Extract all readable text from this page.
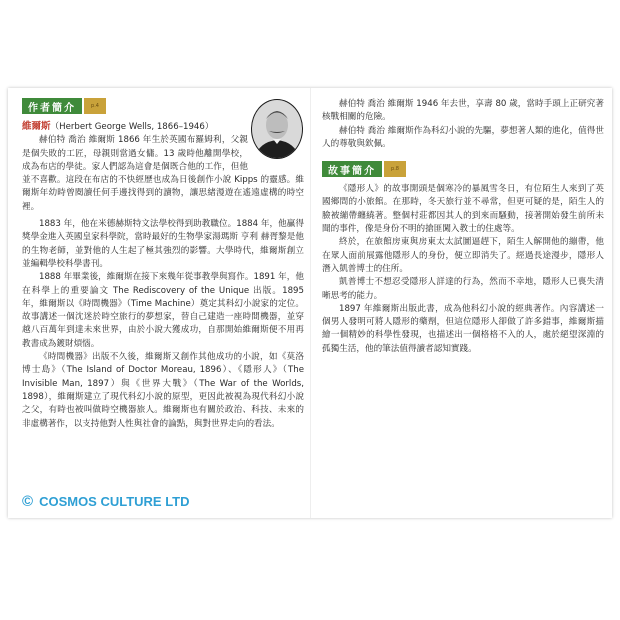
作者簡介	p.4

維爾斯（Herbert George Wells, 1866–1946）

赫伯特 喬治 維爾斯 1866 年生於英國布羅姆利，父親是個失敗的工匠，母親則當過女傭。13 歲時他離開學校，成為布店的學徒。家人們認為這會是個既合他的工作，但他並不喜歡。這段在布店的不快經歷也成為日後創作小說 Kipps 的靈感。維爾斯年幼時曾閱讀任何手邊找得到的讀物，讓思緒漫遊在遙遠虛構的時空裡。

1883 年，他在米德赫斯特文法學校得到助教職位。1884 年，他贏得獎學金進入英國皇家科學院，當時最好的生物學家湯瑪斯 亨利 赫胥黎是他的生物老師，並對他的人生起了極其強烈的影響。大學時代，維爾斯創立並編輯學校科學書刊。

1888 年畢業後，維爾斯在接下來幾年從事教學與寫作。1891 年，他在科學上的重要論文 The Rediscovery of the Unique 出版。1895 年，維爾斯以《時間機器》（Time Machine）奠定其科幻小說家的定位。故事講述一個沈迷於時空旅行的夢想家，替自己建造一座時間機器，並穿越八百萬年到達未來世界，由於小說大獲成功，自那開始維爾斯便不用再教書成為鍍財煩惱。

《時間機器》出版不久後，維爾斯又創作其他成功的小說，如《莫洛博士島》（The Island of Doctor Moreau, 1896）、《隱形人》（The Invisible Man, 1897）與《世界大戰》（The War of the Worlds, 1898），維爾斯建立了現代科幻小說的原型，更因此被視為現代科幻小說之父，有時也被叫做時空機器旅人。維爾斯也有關於政治、科技、未來的非虛構著作，以支持他對人性與社會的論點，與對世界走向的看法。

© COSMOS CULTURE LTD

赫伯特 喬治 維爾斯 1946 年去世，享壽 80 歲，當時手頭上正研究著核戰相關的危險。

赫伯特 喬治 維爾斯作為科幻小說的先驅，夢想著人類的進化，值得世人的尊敬與欽佩。

故事簡介	p.8

《隱形人》的故事開頭是個寒冷的暴風雪冬日，有位陌生人來到了英國鄉間的小旅館。在那時，冬天旅行並不尋常，但更可疑的是，陌生人的臉被繃帶纏繞著。整個村莊都因其人的到來而騷動，接著開始發生前所未聞的事件，像是身份不明的搶匪闖入教士的住處等。

終於，在旅館房東與房東太太試圖逼趕下，陌生人解開他的繃帶，他在眾人面前展露他隱形人的身份，便立即消失了。經過長途漫步，隱形人潛入凱普博士的住所。

凱普博士不想忍受隱形人詳達的行為，然而不幸地，隱形人已喪失清晰思考的能力。

1897 年維爾斯出版此書，成為他科幻小說的經典著作。內容講述一個男人發明可將人隱形的藥劑，但這位隱形人卻做了許多錯事，維爾斯描繪一個精妙的科學性發現，也描述出一個格格不入的人，處於絕望深淵的孤獨生活，他的筆法值得讀者認知實踐。
